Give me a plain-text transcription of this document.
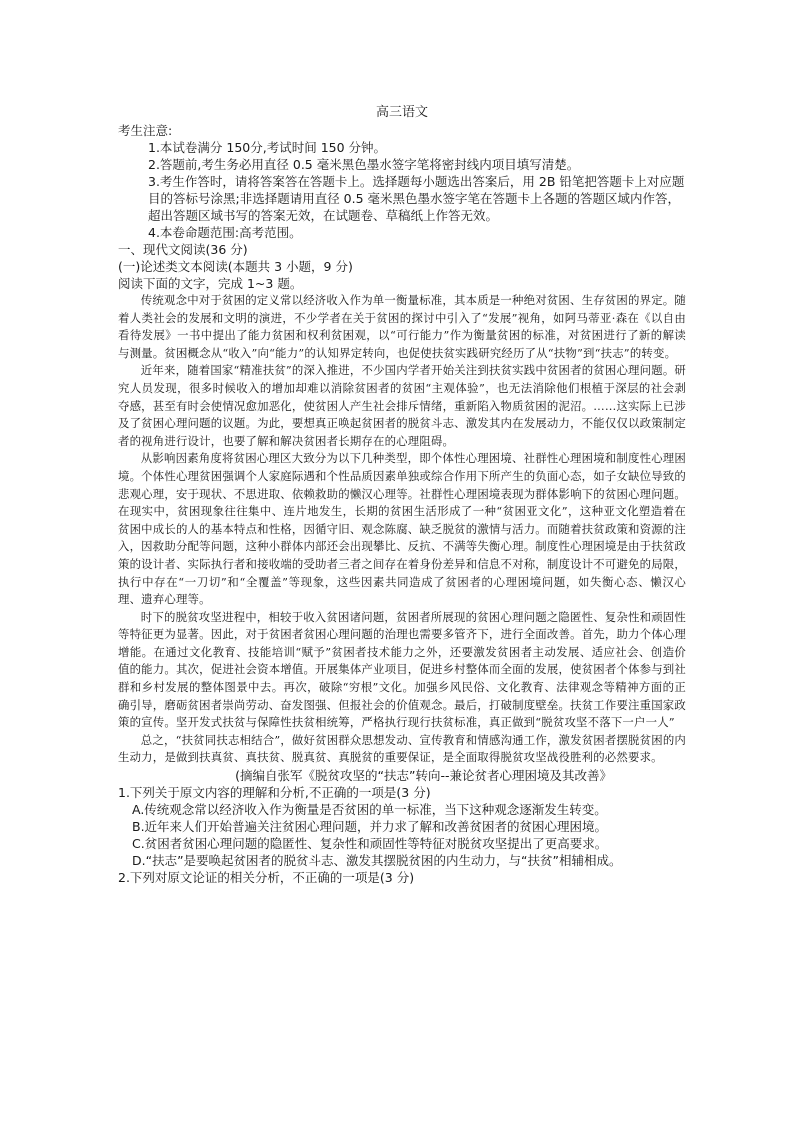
高三语文
考生注意:
1.本试卷满分 150分,考试时间 150 分钟。
2.答题前,考生务必用直径 0.5 毫米黑色墨水签字笔将密封线内项目填写清楚。
3.考生作答时，请将答案答在答题卡上。选择题每小题选出答案后，用 2B 铅笔把答题卡上对应题目的答标号涂黑;非选择题请用直径 0.5 毫米黑色墨水签字笔在答题卡上各题的答题区域内作答，超出答题区域书写的答案无效，在试题卷、草稿纸上作答无效。
4.本卷命题范围:高考范围。
一、现代文阅读(36 分)
(一)论述类文本阅读(本题共 3 小题，9 分)
阅读下面的文字，完成 1~3 题。

传统观念中对于贫困的定义常以经济收入作为单一衡量标准，其本质是一种绝对贫困、生存贫困的界定。随着人类社会的发展和文明的演进，不少学者在关于贫困的探讨中引入了“发展”视角，如阿马蒂亚·森在《以自由看待发展》一书中提出了能力贫困和权利贫困观，以“可行能力”作为衡量贫困的标准，对贫困进行了新的解读与测量。贫困概念从“收入”向“能力”的认知界定转向，也促使扶贫实践研究经历了从“扶物”到“扶志”的转变。

近年来，随着国家“精准扶贫”的深入推进，不少国内学者开始关注到扶贫实践中贫困者的贫困心理问题。研究人员发现，很多时候收入的增加却难以消除贫困者的贫困“主观体验”，也无法消除他们根植于深层的社会剥夺感，甚至有时会使情况愈加恶化，使贫困人产生社会排斥情绪，重新陷入物质贫困的泥沼。……这实际上已涉及了贫困心理问题的议题。为此，要想真正唤起贫困者的脱贫斗志、激发其内在发展动力，不能仅仅以政策制定者的视角进行设计，也要了解和解决贫困者长期存在的心理阻碍。

从影响因素角度将贫困心理区大致分为以下几种类型，即个体性心理困境、社群性心理困境和制度性心理困境。个体性心理贫困强调个人家庭际遇和个性品质因素单独或综合作用下所产生的负面心态，如子女缺位导致的悲观心理，安于现状、不思进取、依赖救助的懒汉心理等。社群性心理困境表现为群体影响下的贫困心理问题。在现实中，贫困现象往往集中、连片地发生，长期的贫困生活形成了一种“贫困亚文化”，这种亚文化塑造着在贫困中成长的人的基本特点和性格，因循守旧、观念陈腐、缺乏脱贫的激情与活力。而随着扶贫政策和资源的注入，因救助分配等问题，这种小群体内部还会出现攀比、反抗、不满等失衡心理。制度性心理困境是由于扶贫政策的设计者、实际执行者和接收端的受助者三者之间存在着身份差异和信息不对称，制度设计不可避免的局限，执行中存在“一刀切”和“全覆盖”等现象，这些因素共同造成了贫困者的心理困境问题，如失衡心态、懒汉心理、遗弃心理等。

时下的脱贫攻坚进程中，相较于收入贫困诸问题，贫困者所展现的贫困心理问题之隐匿性、复杂性和顽固性等特征更为显著。因此，对于贫困者贫困心理问题的治理也需要多管齐下，进行全面改善。首先，助力个体心理增能。在通过文化教育、技能培训“赋予”贫困者技术能力之外，还要激发贫困者主动发展、适应社会、创造价值的能力。其次，促进社会资本增值。开展集体产业项目，促进乡村整体而全面的发展，使贫困者个体参与到社群和乡村发展的整体图景中去。再次，破除“穷根”文化。加强乡风民俗、文化教育、法律观念等精神方面的正确引导，磨砺贫困者崇尚劳动、奋发图强、但报社会的价值观念。最后，打破制度壁垒。扶贫工作要注重国家政策的宣传。坚开发式扶贫与保障性扶贫相统筹，严格执行现行扶贫标准，真正做到“脱贫攻坚不落下一户一人”

总之，“扶贫同扶志相结合”，做好贫困群众思想发动、宣传教育和情感沟通工作，激发贫困者摆脱贫困的内生动力，是做到扶真贫、真扶贫、脱真贫、真脱贫的重要保证，是全面取得脱贫攻坚战役胜利的必然要求。

(摘编自张军《脱贫攻坚的“扶志”转向--兼论贫者心理困境及其改善》
1.下列关于原文内容的理解和分析,不正确的一项是(3 分)
A.传统观念常以经济收入作为衡量是否贫困的单一标准，当下这种观念逐渐发生转变。
B.近年来人们开始普遍关注贫困心理问题，并力求了解和改善贫困者的贫困心理困境。
C.贫困者贫困心理问题的隐匿性、复杂性和顽固性等特征对脱贫攻坚提出了更高要求。
D.“扶志”是要唤起贫困者的脱贫斗志、激发其摆脱贫困的内生动力，与“扶贫”相辅相成。
2.下列对原文论证的相关分析，不正确的一项是(3 分)
